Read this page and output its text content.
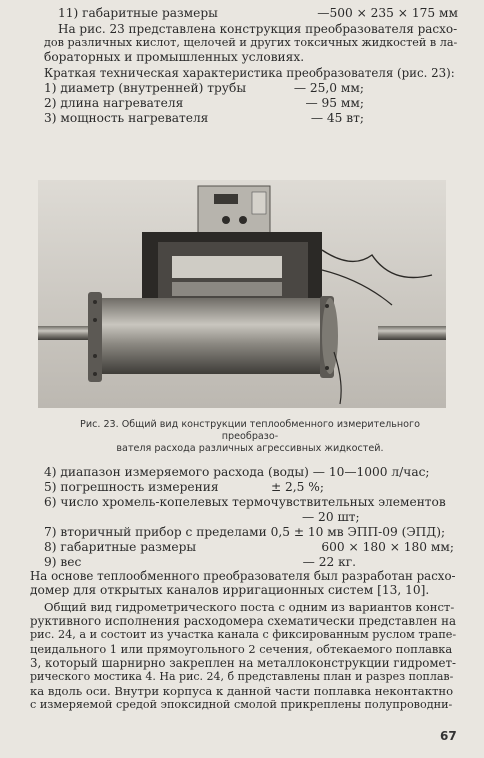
11) габаритные размеры	—500 × 235 × 175 мм
На рис. 23 представлена конструкция преобразователя расхо-
дов различных кислот, щелочей и других токсичных жидкостей в ла-
бораторных и промышленных условиях.
Краткая техническая характеристика преобразователя (рис. 23):
1) диаметр (внутренней) трубы	— 25,0 мм;
2) длина нагревателя	— 95 мм;
3) мощность нагревателя	— 45 вт;
Рис. 23. Общий вид конструкции теплообменного измерительного преобразо-
вателя расхода различных агрессивных жидкостей.
4) диапазон измеряемого расхода (воды) — 10—1000 л/час;
5) погрешность измерения	± 2,5 %;
6) число хромель-копелевых термочувствительных элементов
— 20 шт;
7) вторичный прибор с пределами 0,5 ± 10 мв ЭПП-09 (ЭПД);
8) габаритные размеры	600 × 180 × 180 мм;
9) вес	— 22 кг.
На основе теплообменного преобразователя был разработан расхо-
домер для открытых каналов ирригационных систем [13, 10].
Общий вид гидрометрического поста с одним из вариантов конст-
руктивного исполнения расходомера схематически представлен на
рис. 24, а и состоит из участка канала с фиксированным руслом трапе-
цеидального 1 или прямоугольного 2 сечения, обтекаемого поплавка
3, который шарнирно закреплен на металлоконструкции гидромет-
рического мостика 4. На рис. 24, б представлены план и разрез поплав-
ка вдоль оси. Внутри корпуса к данной части поплавка неконтактно
с измеряемой средой эпоксидной смолой прикреплены полупроводни-
67
